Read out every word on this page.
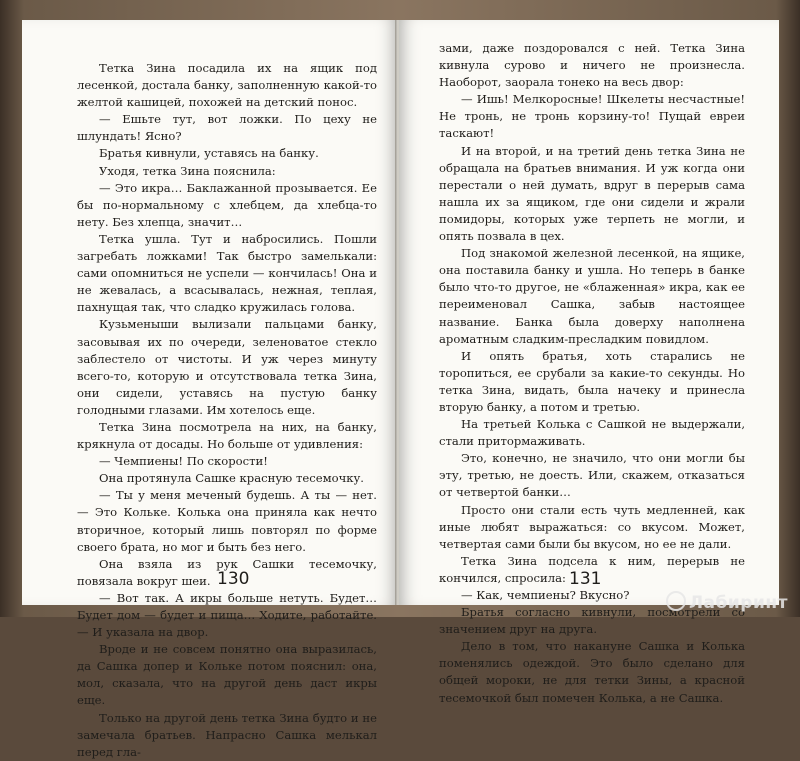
Тетка Зина посадила их на ящик под лесенкой, достала банку, заполненную какой-то желтой кашицей, похожей на детский понос.

— Ешьте тут, вот ложки. По цеху не шлундать! Ясно?

Братья кивнули, уставясь на банку.

Уходя, тетка Зина пояснила:

— Это икра… Баклажанной прозывается. Ее бы по-нормальному с хлебцем, да хлебца-то нету. Без хлепца, значит…

Тетка ушла. Тут и набросились. Пошли загребать ложками! Так быстро замелькали: сами опомниться не успели — кончилась! Она и не жевалась, а всасывалась, нежная, теплая, пахнущая так, что сладко кружилась голова.

Кузьменыши вылизали пальцами банку, засовывая их по очереди, зеленоватое стекло заблестело от чистоты. И уж через минуту всего-то, которую и отсутствовала тетка Зина, они сидели, уставясь на пустую банку голодными глазами. Им хотелось еще.

Тетка Зина посмотрела на них, на банку, крякнула от досады. Но больше от удивления:

— Чемпиены! По скорости!

Она протянула Сашке красную тесемочку.

— Ты у меня меченый будешь. А ты — нет. — Это Кольке. Колька она приняла как нечто вторичное, который лишь повторял по форме своего брата, но мог и быть без него.

Она взяла из рук Сашки тесемочку, повязала вокруг шеи.

— Вот так. А икры больше нетуть. Будет… Будет дом — будет и пища… Ходите, работайте. — И указала на двор.

Вроде и не совсем понятно она выразилась, да Сашка допер и Кольке потом пояснил: она, мол, сказала, что на другой день даст икры еще.

Только на другой день тетка Зина будто и не замечала братьев. Напрасно Сашка мелькал перед гла-

130

зами, даже поздоровался с ней. Тетка Зина кивнула сурово и ничего не произнесла. Наоборот, заорала тонеко на весь двор:

— Ишь! Мелкоросные! Шкелеты несчастные! Не тронь, не тронь корзину-то! Пущай евреи таскают!

И на второй, и на третий день тетка Зина не обращала на братьев внимания. И уж когда они перестали о ней думать, вдруг в перерыв сама нашла их за ящиком, где они сидели и жрали помидоры, которых уже терпеть не могли, и опять позвала в цех.

Под знакомой железной лесенкой, на ящике, она поставила банку и ушла. Но теперь в банке было что-то другое, не «блаженная» икра, как ее переименовал Сашка, забыв настоящее название. Банка была доверху наполнена ароматным сладким-пресладким повидлом.

И опять братья, хоть старались не торопиться, ее срубали за какие-то секунды. Но тетка Зина, видать, была начеку и принесла вторую банку, а потом и третью.

На третьей Колька с Сашкой не выдержали, стали притормаживать.

Это, конечно, не значило, что они могли бы эту, третью, не доесть. Или, скажем, отказаться от четвертой банки…

Просто они стали есть чуть медленней, как иные любят выражаться: со вкусом. Может, четвертая сами были бы вкусом, но ее не дали.

Тетка Зина подсела к ним, перерыв не кончился, спросила:

— Как, чемпиены? Вкусно?

Братья согласно кивнули, посмотрели со значением друг на друга.

Дело в том, что накануне Сашка и Колька поменялись одеждой. Это было сделано для общей мороки, не для тетки Зины, а красной тесемочкой был помечен Колька, а не Сашка.

131
Лабиринт
